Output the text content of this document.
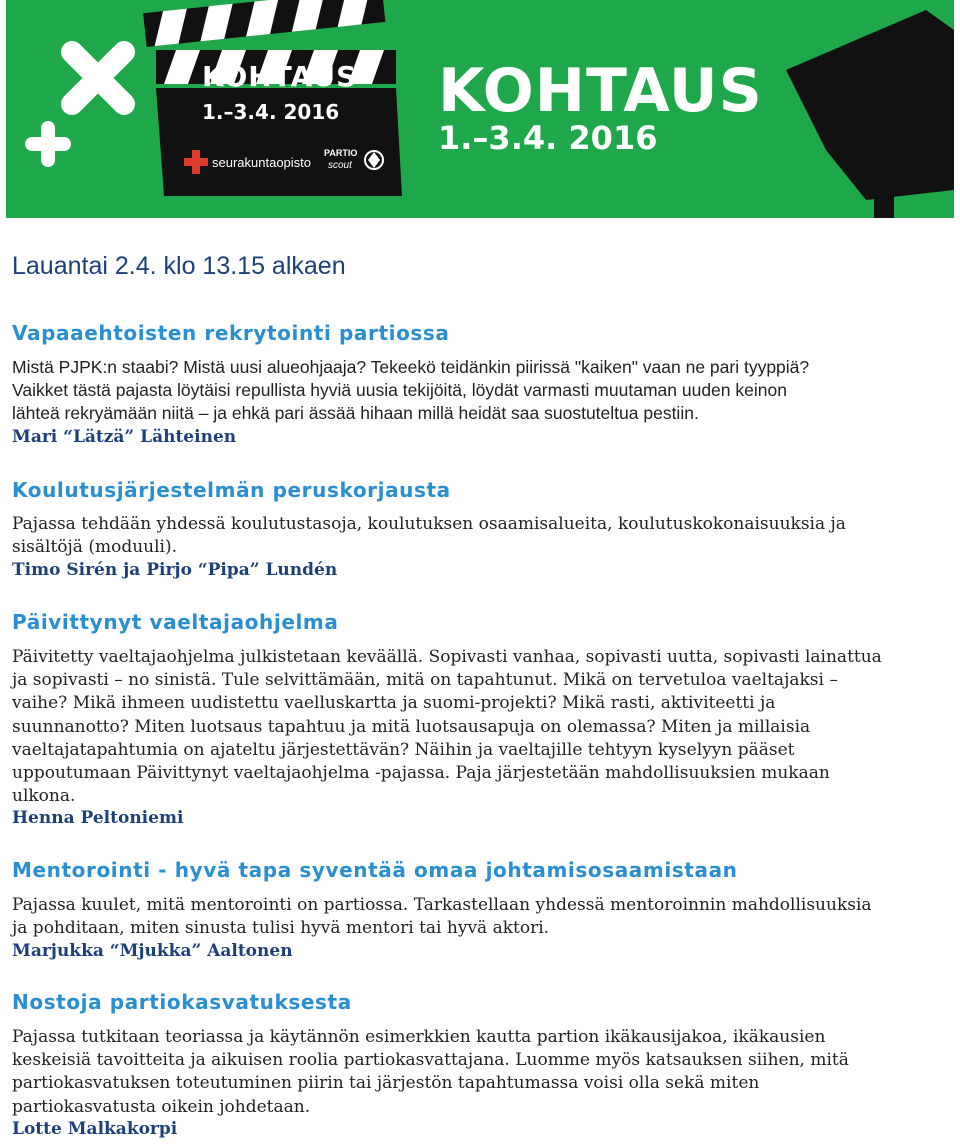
KOHTAUS
1.–3.4. 2016
seurakuntaopisto
PARTIO
scout
KOHTAUS
1.–3.4. 2016
Lauantai 2.4. klo 13.15 alkaen
Vapaaehtoisten rekrytointi partiossa
Mistä PJPK:n staabi? Mistä uusi alueohjaaja? Tekeekö teidänkin piirissä "kaiken" vaan ne pari tyyppiä?
Vaikket tästä pajasta löytäisi repullista hyviä uusia tekijöitä, löydät varmasti muutaman uuden keinon
lähteä rekryämään niitä – ja ehkä pari ässää hihaan millä heidät saa suostuteltua pestiin.
Mari “Lätzä” Lähteinen
Koulutusjärjestelmän peruskorjausta
Pajassa tehdään yhdessä koulutustasoja, koulutuksen osaamisalueita, koulutuskokonaisuuksia ja
sisältöjä (moduuli).
Timo Sirén ja Pirjo “Pipa” Lundén
Päivittynyt vaeltajaohjelma
Päivitetty vaeltajaohjelma julkistetaan keväällä. Sopivasti vanhaa, sopivasti uutta, sopivasti lainattua
ja sopivasti – no sinistä. Tule selvittämään, mitä on tapahtunut. Mikä on tervetuloa vaeltajaksi –
vaihe? Mikä ihmeen uudistettu vaelluskartta ja suomi-projekti? Mikä rasti, aktiviteetti ja
suunnanotto? Miten luotsaus tapahtuu ja mitä luotsausapuja on olemassa? Miten ja millaisia
vaeltajatapahtumia on ajateltu järjestettävän? Näihin ja vaeltajille tehtyyn kyselyyn pääset
uppoutumaan Päivittynyt vaeltajaohjelma -pajassa. Paja järjestetään mahdollisuuksien mukaan
ulkona.
Henna Peltoniemi
Mentorointi - hyvä tapa syventää omaa johtamisosaamistaan
Pajassa kuulet, mitä mentorointi on partiossa. Tarkastellaan yhdessä mentoroinnin mahdollisuuksia
ja pohditaan, miten sinusta tulisi hyvä mentori tai hyvä aktori.
Marjukka “Mjukka” Aaltonen
Nostoja partiokasvatuksesta
Pajassa tutkitaan teoriassa ja käytännön esimerkkien kautta partion ikäkausijakoa, ikäkausien
keskeisiä tavoitteita ja aikuisen roolia partiokasvattajana. Luomme myös katsauksen siihen, mitä
partiokasvatuksen toteutuminen piirin tai järjestön tapahtumassa voisi olla sekä miten
partiokasvatusta oikein johdetaan.
Lotte Malkakorpi
